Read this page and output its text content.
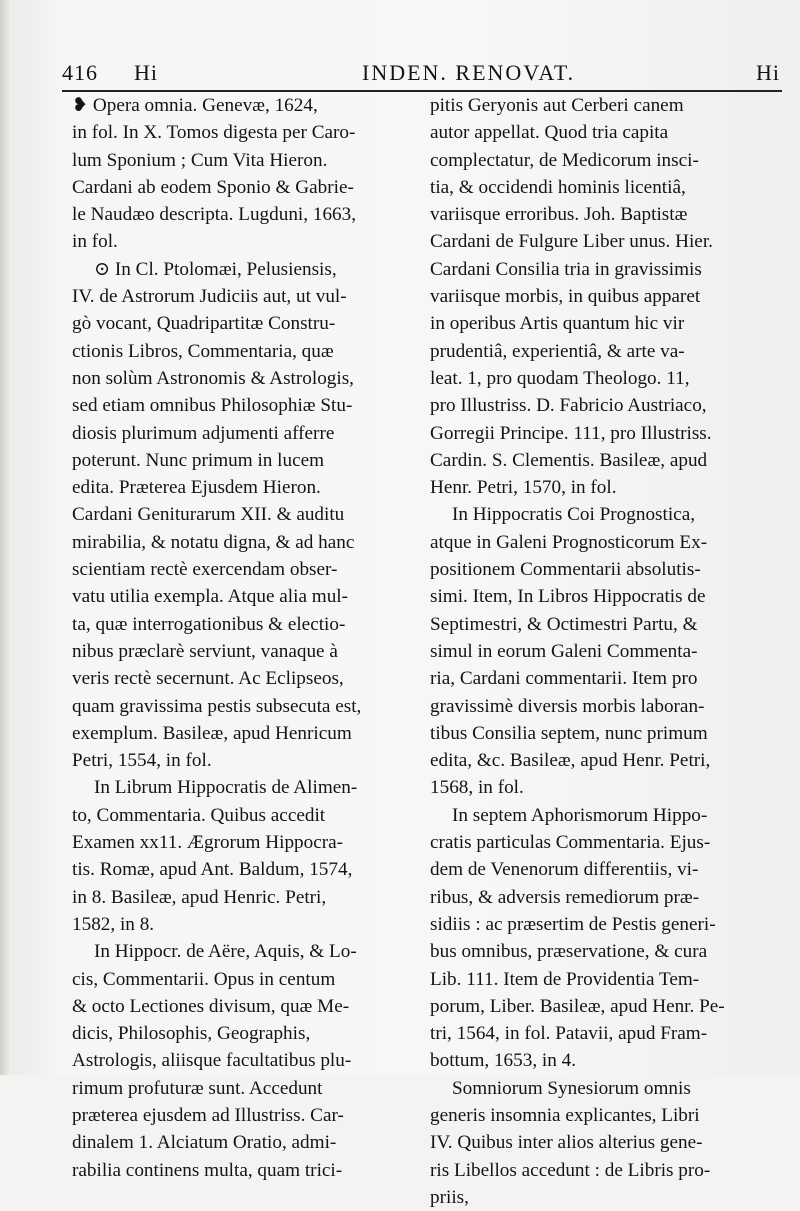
416 Hi	INDEN. RENOVAT.	Hi
❥ Opera omnia. Genevæ, 1624,
in fol. In X. Tomos digesta per Caro-
lum Sponium ; Cum Vita Hieron.
Cardani ab eodem Sponio & Gabrie-
le Naudæo descripta. Lugduni, 1663,
in fol.
⊙ In Cl. Ptolomæi, Pelusiensis,
IV. de Astrorum Judiciis aut, ut vul-
gò vocant, Quadripartitæ Constru-
ctionis Libros, Commentaria, quæ
non solùm Astronomis & Astrologis,
sed etiam omnibus Philosophiæ Stu-
diosis plurimum adjumenti afferre
poterunt. Nunc primum in lucem
edita. Præterea Ejusdem Hieron.
Cardani Geniturarum XII. & auditu
mirabilia, & notatu digna, & ad hanc
scientiam rectè exercendam obser-
vatu utilia exempla. Atque alia mul-
ta, quæ interrogationibus & electio-
nibus præclarè serviunt, vanaque à
veris rectè secernunt. Ac Eclipseos,
quam gravissima pestis subsecuta est,
exemplum. Basileæ, apud Henricum
Petri, 1554, in fol.
In Librum Hippocratis de Alimen-
to, Commentaria. Quibus accedit
Examen xx11. Ægrorum Hippocra-
tis. Romæ, apud Ant. Baldum, 1574,
in 8. Basileæ, apud Henric. Petri,
1582, in 8.
In Hippocr. de Aëre, Aquis, & Lo-
cis, Commentarii. Opus in centum
& octo Lectiones divisum, quæ Me-
dicis, Philosophis, Geographis,
Astrologis, aliisque facultatibus plu-
rimum profuturæ sunt. Accedunt
præterea ejusdem ad Illustriss. Car-
dinalem 1. Alciatum Oratio, admi-
rabilia continens multa, quam trici-
pitis Geryonis aut Cerberi canem
autor appellat. Quod tria capita
complectatur, de Medicorum insci-
tia, & occidendi hominis licentiâ,
variisque erroribus. Joh. Baptistæ
Cardani de Fulgure Liber unus. Hier.
Cardani Consilia tria in gravissimis
variisque morbis, in quibus apparet
in operibus Artis quantum hic vir
prudentiâ, experientiâ, & arte va-
leat. 1, pro quodam Theologo. 11,
pro Illustriss. D. Fabricio Austriaco,
Gorregii Principe. 111, pro Illustriss.
Cardin. S. Clementis. Basileæ, apud
Henr. Petri, 1570, in fol.
In Hippocratis Coi Prognostica,
atque in Galeni Prognosticorum Ex-
positionem Commentarii absolutis-
simi. Item, In Libros Hippocratis de
Septimestri, & Octimestri Partu, &
simul in eorum Galeni Commenta-
ria, Cardani commentarii. Item pro
gravissimè diversis morbis laboran-
tibus Consilia septem, nunc primum
edita, &c. Basileæ, apud Henr. Petri,
1568, in fol.
In septem Aphorismorum Hippo-
cratis particulas Commentaria. Ejus-
dem de Venenorum differentiis, vi-
ribus, & adversis remediorum præ-
sidiis : ac præsertim de Pestis generi-
bus omnibus, præservatione, & cura
Lib. 111. Item de Providentia Tem-
porum, Liber. Basileæ, apud Henr. Pe-
tri, 1564, in fol. Patavii, apud Fram-
bottum, 1653, in 4.
Somniorum Synesiorum omnis
generis insomnia explicantes, Libri
IV. Quibus inter alios alterius gene-
ris Libellos accedunt : de Libris pro-
priis,
